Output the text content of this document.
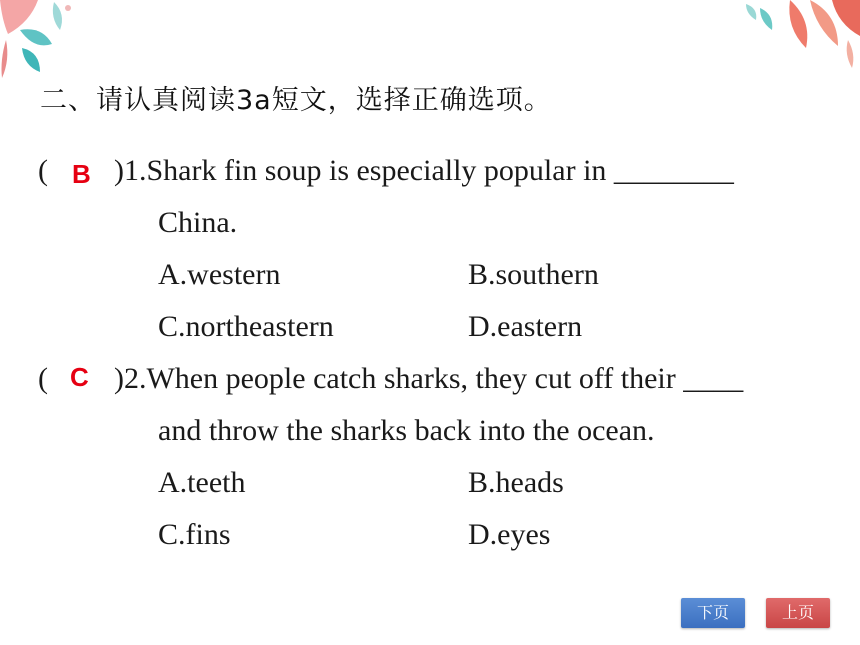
二、请认真阅读3a短文，选择正确选项。
( B )1.Shark fin soup is especially popular in ________
China.
A.western	B.southern
C.northeastern	D.eastern
( C )2.When people catch sharks, they cut off their ____
and throw the sharks back into the ocean.
A.teeth	B.heads
C.fins	D.eyes
下页	上页
